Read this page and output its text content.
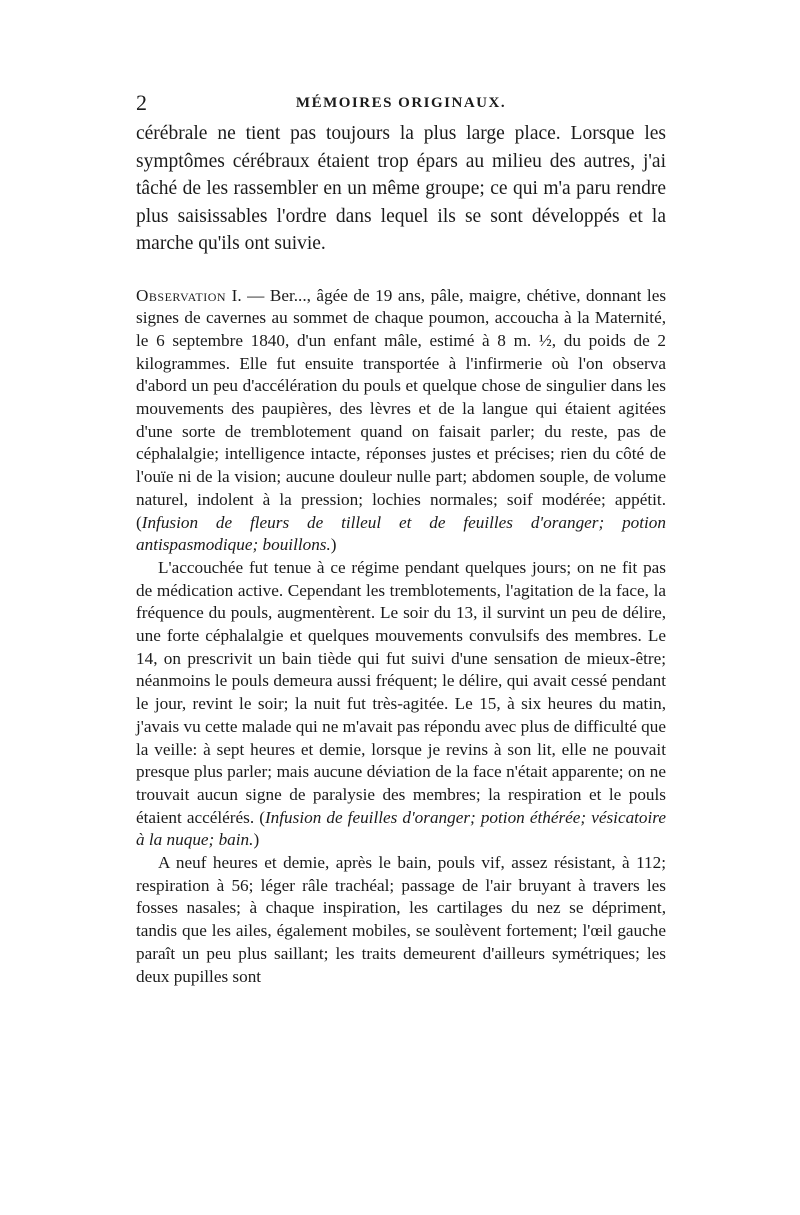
2	MÉMOIRES ORIGINAUX.

cérébrale ne tient pas toujours la plus large place. Lorsque les symptômes cérébraux étaient trop épars au milieu des autres, j'ai tâché de les rassembler en un même groupe; ce qui m'a paru rendre plus saisissables l'ordre dans lequel ils se sont développés et la marche qu'ils ont suivie.

Observation I. — Ber..., âgée de 19 ans, pâle, maigre, chétive, donnant les signes de cavernes au sommet de chaque poumon, accoucha à la Maternité, le 6 septembre 1840, d'un enfant mâle, estimé à 8 m. ½, du poids de 2 kilogrammes. Elle fut ensuite transportée à l'infirmerie où l'on observa d'abord un peu d'accélération du pouls et quelque chose de singulier dans les mouvements des paupières, des lèvres et de la langue qui étaient agitées d'une sorte de tremblotement quand on faisait parler; du reste, pas de céphalalgie; intelligence intacte, réponses justes et précises; rien du côté de l'ouïe ni de la vision; aucune douleur nulle part; abdomen souple, de volume naturel, indolent à la pression; lochies normales; soif modérée; appétit. (Infusion de fleurs de tilleul et de feuilles d'oranger; potion antispasmodique; bouillons.)

L'accouchée fut tenue à ce régime pendant quelques jours; on ne fit pas de médication active. Cependant les tremblotements, l'agitation de la face, la fréquence du pouls, augmentèrent. Le soir du 13, il survint un peu de délire, une forte céphalalgie et quelques mouvements convulsifs des membres. Le 14, on prescrivit un bain tiède qui fut suivi d'une sensation de mieux-être; néanmoins le pouls demeura aussi fréquent; le délire, qui avait cessé pendant le jour, revint le soir; la nuit fut très-agitée. Le 15, à six heures du matin, j'avais vu cette malade qui ne m'avait pas répondu avec plus de difficulté que la veille: à sept heures et demie, lorsque je revins à son lit, elle ne pouvait presque plus parler; mais aucune déviation de la face n'était apparente; on ne trouvait aucun signe de paralysie des membres; la respiration et le pouls étaient accélérés. (Infusion de feuilles d'oranger; potion éthérée; vésicatoire à la nuque; bain.)

A neuf heures et demie, après le bain, pouls vif, assez résistant, à 112; respiration à 56; léger râle trachéal; passage de l'air bruyant à travers les fosses nasales; à chaque inspiration, les cartilages du nez se dépriment, tandis que les ailes, également mobiles, se soulèvent fortement; l'œil gauche paraît un peu plus saillant; les traits demeurent d'ailleurs symétriques; les deux pupilles sont
